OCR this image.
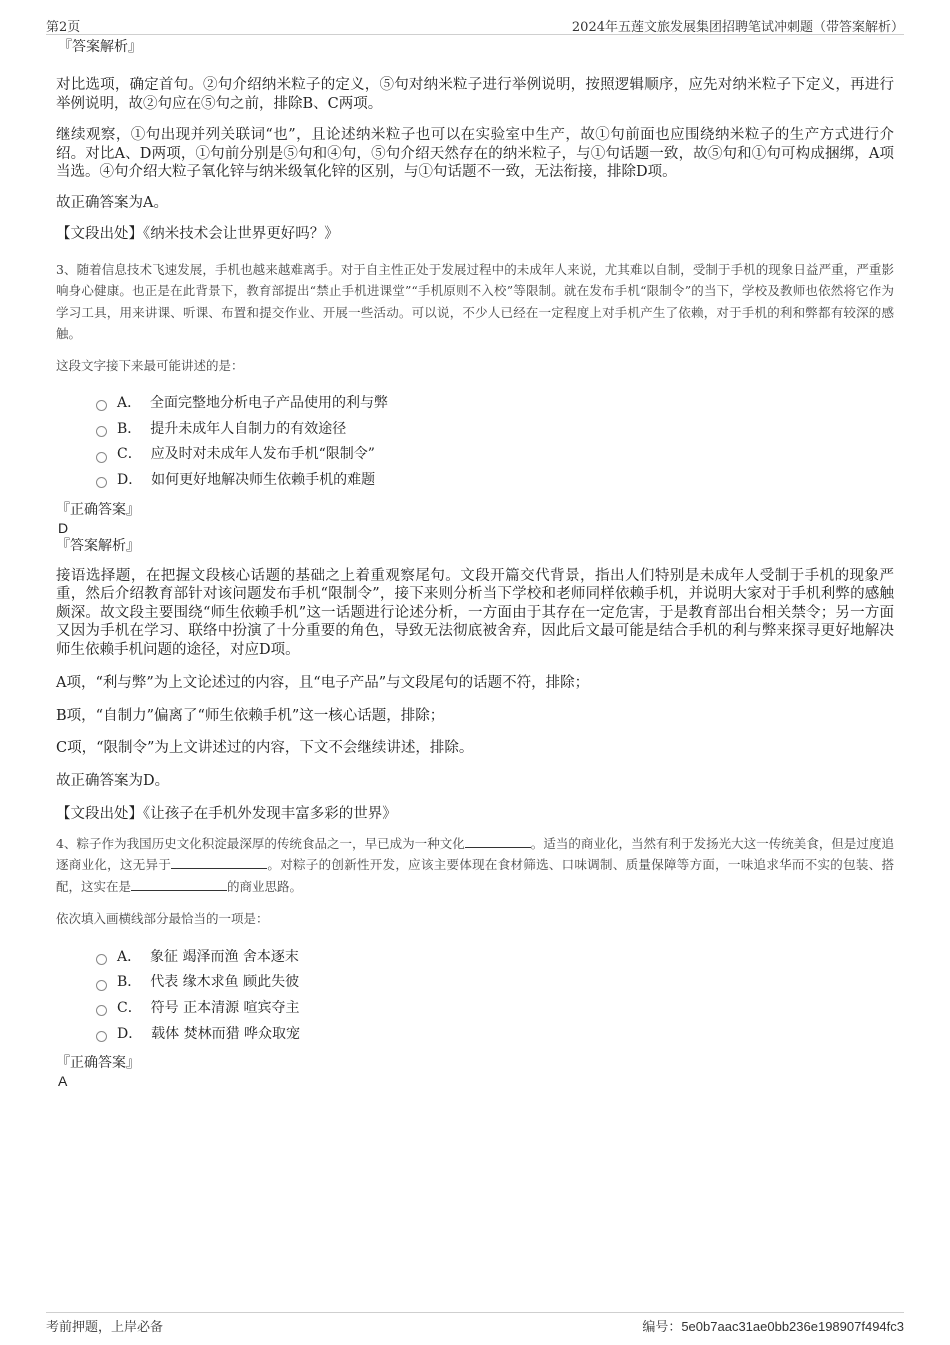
第2页	2024年五莲文旅发展集团招聘笔试冲刺题（带答案解析）

『答案解析』

对比选项，确定首句。②句介绍纳米粒子的定义，⑤句对纳米粒子进行举例说明，按照逻辑顺序，应先对纳米粒子下定义，再进行举例说明，故②句应在⑤句之前，排除B、C两项。

继续观察，①句出现并列关联词“也”，且论述纳米粒子也可以在实验室中生产，故①句前面也应围绕纳米粒子的生产方式进行介绍。对比A、D两项，①句前分别是⑤句和④句，⑤句介绍天然存在的纳米粒子，与①句话题一致，故⑤句和①句可构成捆绑，A项当选。④句介绍大粒子氧化锌与纳米级氧化锌的区别，与①句话题不一致，无法衔接，排除D项。

故正确答案为A。

【文段出处】《纳米技术会让世界更好吗？》

3、随着信息技术飞速发展，手机也越来越难离手。对于自主性正处于发展过程中的未成年人来说，尤其难以自制，受制于手机的现象日益严重，严重影响身心健康。也正是在此背景下，教育部提出“禁止手机进课堂”“手机原则不入校”等限制。就在发布手机“限制令”的当下，学校及教师也依然将它作为学习工具，用来讲课、听课、布置和提交作业、开展一些活动。可以说，不少人已经在一定程度上对手机产生了依赖，对于手机的利和弊都有较深的感触。

这段文字接下来最可能讲述的是：

A．
全面完整地分析电子产品使用的利与弊
B．
提升未成年人自制力的有效途径
C．
应及时对未成年人发布手机“限制令”
D．
如何更好地解决师生依赖手机的难题

『正确答案』

D

『答案解析』

接语选择题，在把握文段核心话题的基础之上着重观察尾句。文段开篇交代背景，指出人们特别是未成年人受制于手机的现象严重，然后介绍教育部针对该问题发布手机“限制令”，接下来则分析当下学校和老师同样依赖手机，并说明大家对于手机利弊的感触颇深。故文段主要围绕“师生依赖手机”这一话题进行论述分析，一方面由于其存在一定危害，于是教育部出台相关禁令；另一方面又因为手机在学习、联络中扮演了十分重要的角色，导致无法彻底被舍弃，因此后文最可能是结合手机的利与弊来探寻更好地解决师生依赖手机问题的途径，对应D项。

A项，“利与弊”为上文论述过的内容，且“电子产品”与文段尾句的话题不符，排除；

B项，“自制力”偏离了“师生依赖手机”这一核心话题，排除；

C项，“限制令”为上文讲述过的内容，下文不会继续讲述，排除。

故正确答案为D。

【文段出处】《让孩子在手机外发现丰富多彩的世界》

4、粽子作为我国历史文化积淀最深厚的传统食品之一，早已成为一种文化	。适当的商业化，当然有利于发扬光大这一传统美食，但是过度追逐商业化，这无异于	。对粽子的创新性开发，应该主要体现在食材筛选、口味调制、质量保障等方面，一味追求华而不实的包装、搭配，这实在是	的商业思路。

依次填入画横线部分最恰当的一项是：

A．
象征 竭泽而渔 舍本逐末
B．
代表 缘木求鱼 顾此失彼
C．
符号 正本清源 喧宾夺主
D．
载体 焚林而猎 哗众取宠

『正确答案』

A

考前押题，上岸必备	编号：5e0b7aac31ae0bb236e198907f494fc3
